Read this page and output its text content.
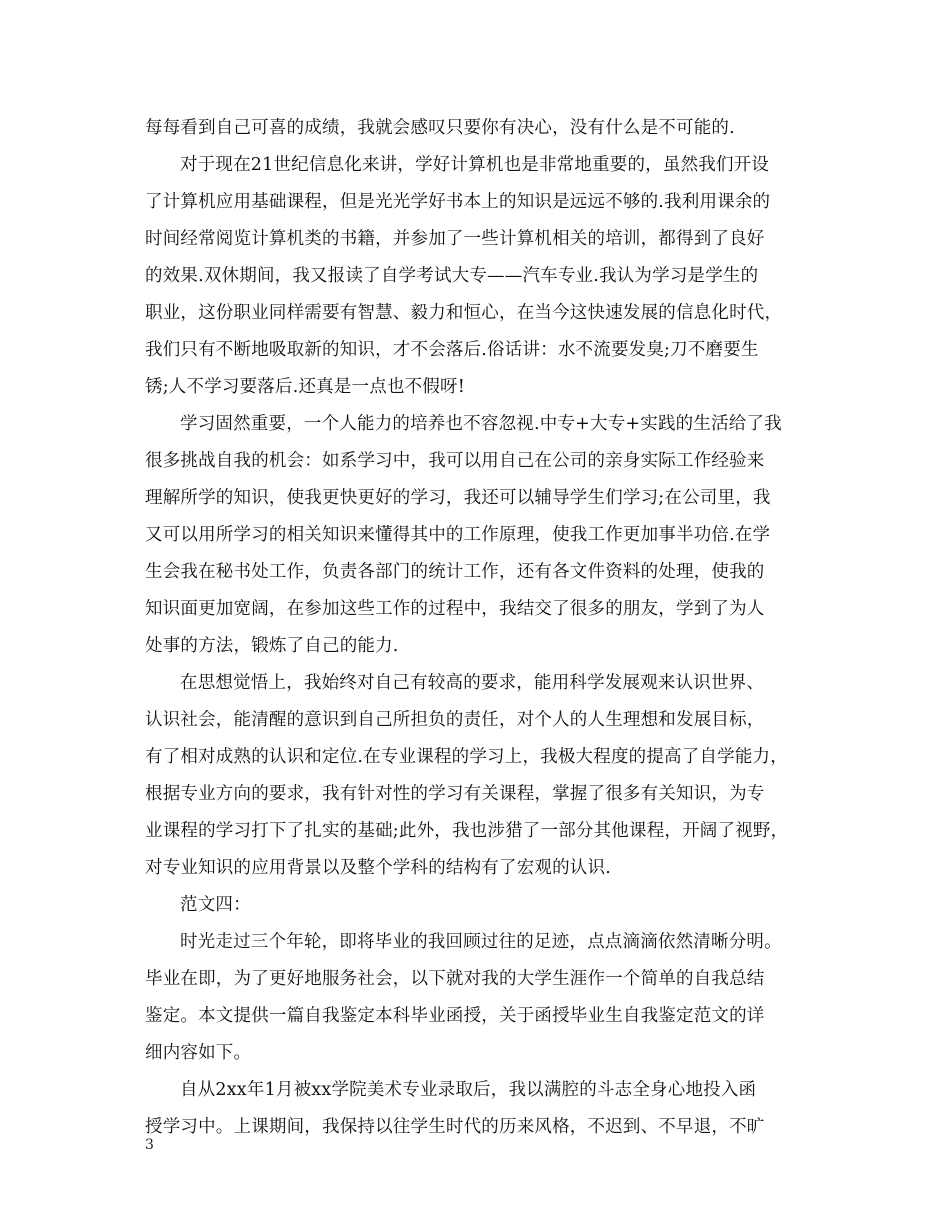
每每看到自己可喜的成绩，我就会感叹只要你有决心，没有什么是不可能的.
对于现在21世纪信息化来讲，学好计算机也是非常地重要的，虽然我们开设
了计算机应用基础课程，但是光光学好书本上的知识是远远不够的.我利用课余的
时间经常阅览计算机类的书籍，并参加了一些计算机相关的培训，都得到了良好
的效果.双休期间，我又报读了自学考试大专——汽车专业.我认为学习是学生的
职业，这份职业同样需要有智慧、毅力和恒心，在当今这快速发展的信息化时代，
我们只有不断地吸取新的知识，才不会落后.俗话讲：水不流要发臭;刀不磨要生
锈;人不学习要落后.还真是一点也不假呀!
学习固然重要，一个人能力的培养也不容忽视.中专+大专+实践的生活给了我
很多挑战自我的机会：如系学习中，我可以用自己在公司的亲身实际工作经验来
理解所学的知识，使我更快更好的学习，我还可以辅导学生们学习;在公司里，我
又可以用所学习的相关知识来懂得其中的工作原理，使我工作更加事半功倍.在学
生会我在秘书处工作，负责各部门的统计工作，还有各文件资料的处理，使我的
知识面更加宽阔，在参加这些工作的过程中，我结交了很多的朋友，学到了为人
处事的方法，锻炼了自己的能力.
在思想觉悟上，我始终对自己有较高的要求，能用科学发展观来认识世界、
认识社会，能清醒的意识到自己所担负的责任，对个人的人生理想和发展目标，
有了相对成熟的认识和定位.在专业课程的学习上，我极大程度的提高了自学能力，
根据专业方向的要求，我有针对性的学习有关课程，掌握了很多有关知识，为专
业课程的学习打下了扎实的基础;此外，我也涉猎了一部分其他课程，开阔了视野，
对专业知识的应用背景以及整个学科的结构有了宏观的认识.
范文四：
时光走过三个年轮，即将毕业的我回顾过往的足迹，点点滴滴依然清晰分明。
毕业在即，为了更好地服务社会，以下就对我的大学生涯作一个简单的自我总结
鉴定。本文提供一篇自我鉴定本科毕业函授，关于函授毕业生自我鉴定范文的详
细内容如下。
自从2xx年1月被xx学院美术专业录取后，我以满腔的斗志全身心地投入函
授学习中。上课期间，我保持以往学生时代的历来风格，不迟到、不早退，不旷
3
